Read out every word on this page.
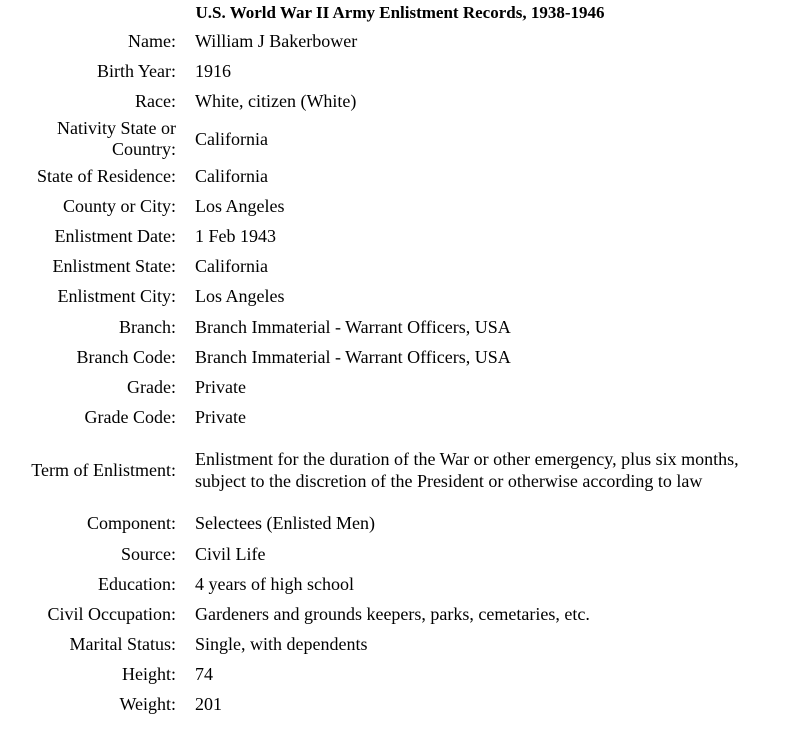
U.S. World War II Army Enlistment Records, 1938-1946
Name:	William J Bakerbower
Birth Year:	1916
Race:	White, citizen (White)
Nativity State or
Country:	California
State of Residence:	California
County or City:	Los Angeles
Enlistment Date:	1 Feb 1943
Enlistment State:	California
Enlistment City:	Los Angeles
Branch:	Branch Immaterial - Warrant Officers, USA
Branch Code:	Branch Immaterial - Warrant Officers, USA
Grade:	Private
Grade Code:	Private
Term of Enlistment:	Enlistment for the duration of the War or other emergency, plus six months, subject to the discretion of the President or otherwise according to law
Component:	Selectees (Enlisted Men)
Source:	Civil Life
Education:	4 years of high school
Civil Occupation:	Gardeners and grounds keepers, parks, cemetaries, etc.
Marital Status:	Single, with dependents
Height:	74
Weight:	201
